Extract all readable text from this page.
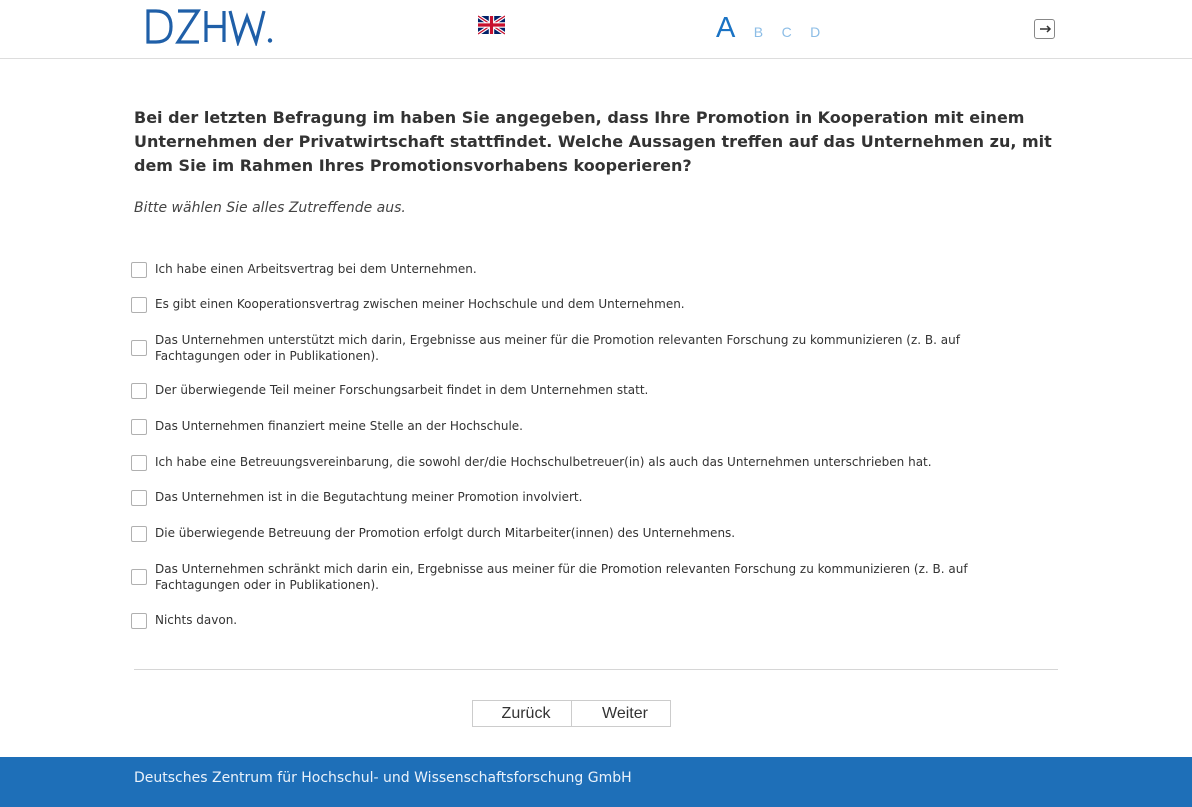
A B C D
Bei der letzten Befragung im haben Sie angegeben, dass Ihre Promotion in Kooperation mit einem Unternehmen der Privatwirtschaft stattfindet. Welche Aussagen treffen auf das Unternehmen zu, mit dem Sie im Rahmen Ihres Promotionsvorhabens kooperieren?
Bitte wählen Sie alles Zutreffende aus.
Ich habe einen Arbeitsvertrag bei dem Unternehmen.
Es gibt einen Kooperationsvertrag zwischen meiner Hochschule und dem Unternehmen.
Das Unternehmen unterstützt mich darin, Ergebnisse aus meiner für die Promotion relevanten Forschung zu kommunizieren (z. B. auf Fachtagungen oder in Publikationen).
Der überwiegende Teil meiner Forschungsarbeit findet in dem Unternehmen statt.
Das Unternehmen finanziert meine Stelle an der Hochschule.
Ich habe eine Betreuungsvereinbarung, die sowohl der/die Hochschulbetreuer(in) als auch das Unternehmen unterschrieben hat.
Das Unternehmen ist in die Begutachtung meiner Promotion involviert.
Die überwiegende Betreuung der Promotion erfolgt durch Mitarbeiter(innen) des Unternehmens.
Das Unternehmen schränkt mich darin ein, Ergebnisse aus meiner für die Promotion relevanten Forschung zu kommunizieren (z. B. auf Fachtagungen oder in Publikationen).
Nichts davon.
Zurück	Weiter
Deutsches Zentrum für Hochschul- und Wissenschaftsforschung GmbH
